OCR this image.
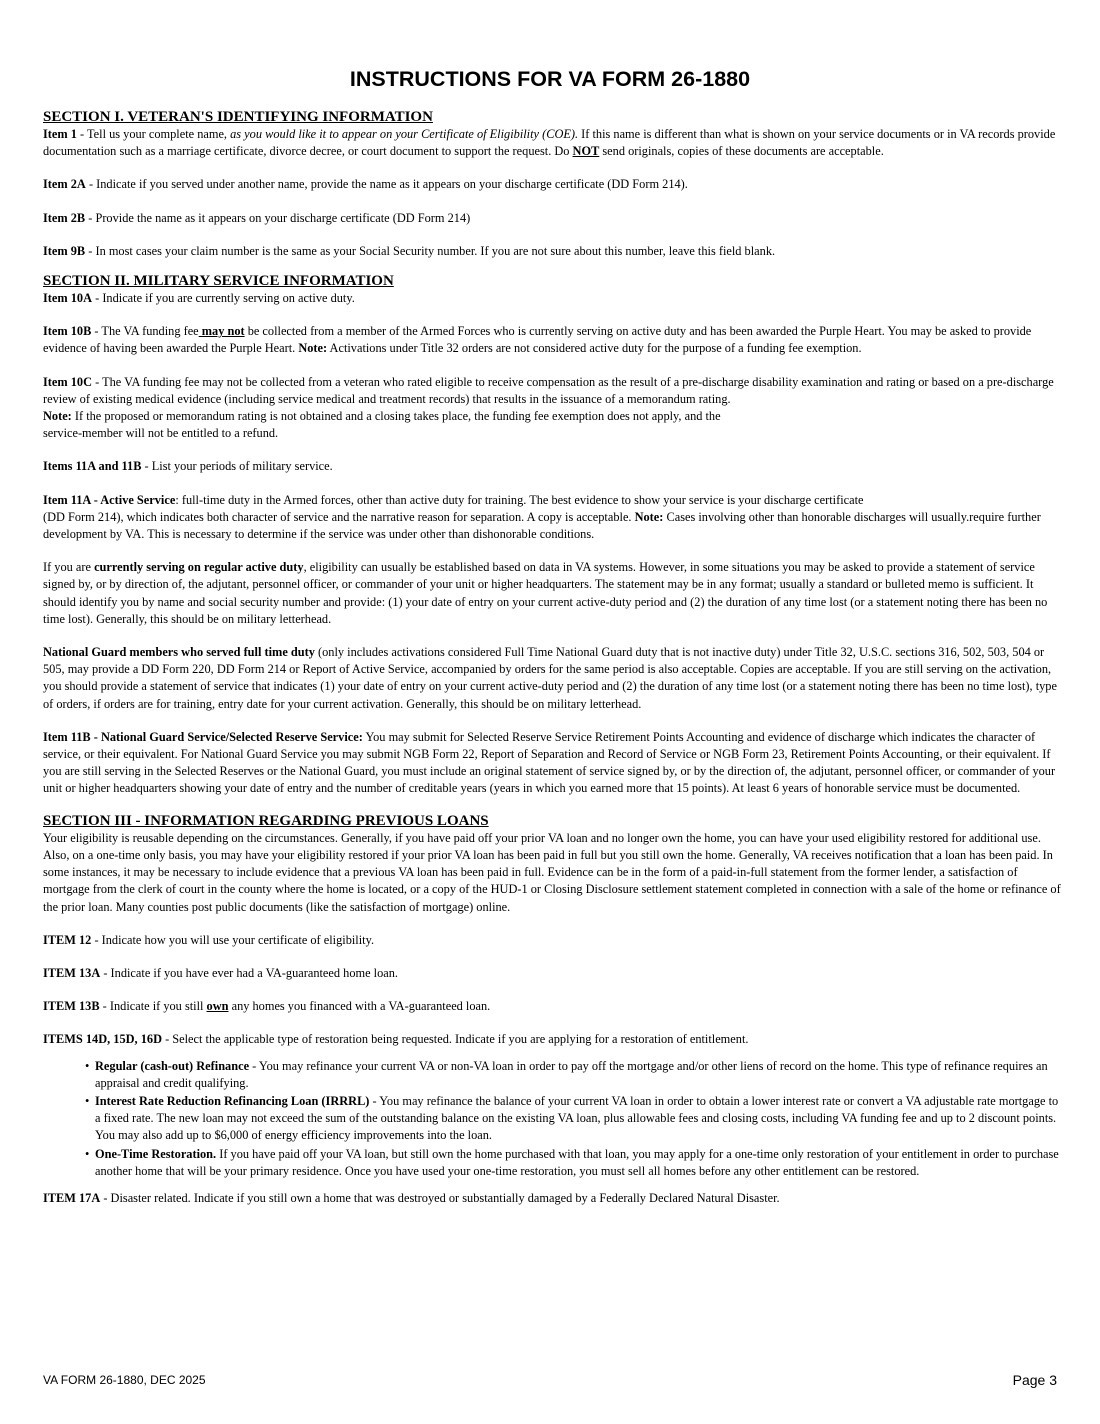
INSTRUCTIONS FOR VA FORM 26-1880
SECTION I. VETERAN'S IDENTIFYING INFORMATION

Item 1 - Tell us your complete name, as you would like it to appear on your Certificate of Eligibility (COE). If this name is different than what is shown on your service documents or in VA records provide documentation such as a marriage certificate, divorce decree, or court document to support the request. Do NOT send originals, copies of these documents are acceptable.

Item 2A - Indicate if you served under another name, provide the name as it appears on your discharge certificate (DD Form 214).

Item 2B - Provide the name as it appears on your discharge certificate (DD Form 214)

Item 9B - In most cases your claim number is the same as your Social Security number. If you are not sure about this number, leave this field blank.

SECTION II. MILITARY SERVICE INFORMATION

Item 10A - Indicate if you are currently serving on active duty.

Item 10B - The VA funding fee may not be collected from a member of the Armed Forces who is currently serving on active duty and has been awarded the Purple Heart. You may be asked to provide evidence of having been awarded the Purple Heart. Note: Activations under Title 32 orders are not considered active duty for the purpose of a funding fee exemption.

Item 10C - The VA funding fee may not be collected from a veteran who rated eligible to receive compensation as the result of a pre-discharge disability examination and rating or based on a pre-discharge review of existing medical evidence (including service medical and treatment records) that results in the issuance of a memorandum rating.
Note: If the proposed or memorandum rating is not obtained and a closing takes place, the funding fee exemption does not apply, and the
service-member will not be entitled to a refund.

Items 11A and 11B - List your periods of military service.

Item 11A - Active Service: full-time duty in the Armed forces, other than active duty for training. The best evidence to show your service is your discharge certificate
(DD Form 214), which indicates both character of service and the narrative reason for separation. A copy is acceptable. Note: Cases involving other than honorable discharges will usually.require further development by VA. This is necessary to determine if the service was under other than dishonorable conditions.

If you are currently serving on regular active duty, eligibility can usually be established based on data in VA systems. However, in some situations you may be asked to provide a statement of service signed by, or by direction of, the adjutant, personnel officer, or commander of your unit or higher headquarters. The statement may be in any format; usually a standard or bulleted memo is sufficient. It should identify you by name and social security number and provide: (1) your date of entry on your current active-duty period and (2) the duration of any time lost (or a statement noting there has been no time lost). Generally, this should be on military letterhead.

National Guard members who served full time duty (only includes activations considered Full Time National Guard duty that is not inactive duty) under Title 32, U.S.C. sections 316, 502, 503, 504 or 505, may provide a DD Form 220, DD Form 214 or Report of Active Service, accompanied by orders for the same period is also acceptable. Copies are acceptable. If you are still serving on the activation, you should provide a statement of service that indicates (1) your date of entry on your current active-duty period and (2) the duration of any time lost (or a statement noting there has been no time lost), type of orders, if orders are for training, entry date for your current activation. Generally, this should be on military letterhead.

Item 11B - National Guard Service/Selected Reserve Service: You may submit for Selected Reserve Service Retirement Points Accounting and evidence of discharge which indicates the character of service, or their equivalent. For National Guard Service you may submit NGB Form 22, Report of Separation and Record of Service or NGB Form 23, Retirement Points Accounting, or their equivalent. If you are still serving in the Selected Reserves or the National Guard, you must include an original statement of service signed by, or by the direction of, the adjutant, personnel officer, or commander of your unit or higher headquarters showing your date of entry and the number of creditable years (years in which you earned more that 15 points). At least 6 years of honorable service must be documented.

SECTION III - INFORMATION REGARDING PREVIOUS LOANS

Your eligibility is reusable depending on the circumstances. Generally, if you have paid off your prior VA loan and no longer own the home, you can have your used eligibility restored for additional use. Also, on a one-time only basis, you may have your eligibility restored if your prior VA loan has been paid in full but you still own the home. Generally, VA receives notification that a loan has been paid. In some instances, it may be necessary to include evidence that a previous VA loan has been paid in full. Evidence can be in the form of a paid-in-full statement from the former lender, a satisfaction of mortgage from the clerk of court in the county where the home is located, or a copy of the HUD-1 or Closing Disclosure settlement statement completed in connection with a sale of the home or refinance of the prior loan. Many counties post public documents (like the satisfaction of mortgage) online.

ITEM 12 - Indicate how you will use your certificate of eligibility.

ITEM 13A - Indicate if you have ever had a VA-guaranteed home loan.

ITEM 13B - Indicate if you still own any homes you financed with a VA-guaranteed loan.

ITEMS 14D, 15D, 16D - Select the applicable type of restoration being requested. Indicate if you are applying for a restoration of entitlement.

• Regular (cash-out) Refinance - You may refinance your current VA or non-VA loan in order to pay off the mortgage and/or other liens of record on the home. This type of refinance requires an appraisal and credit qualifying.
• Interest Rate Reduction Refinancing Loan (IRRRL) - You may refinance the balance of your current VA loan in order to obtain a lower interest rate or convert a VA adjustable rate mortgage to a fixed rate. The new loan may not exceed the sum of the outstanding balance on the existing VA loan, plus allowable fees and closing costs, including VA funding fee and up to 2 discount points. You may also add up to $6,000 of energy efficiency improvements into the loan.
• One-Time Restoration. If you have paid off your VA loan, but still own the home purchased with that loan, you may apply for a one-time only restoration of your entitlement in order to purchase another home that will be your primary residence. Once you have used your one-time restoration, you must sell all homes before any other entitlement can be restored.

ITEM 17A - Disaster related. Indicate if you still own a home that was destroyed or substantially damaged by a Federally Declared Natural Disaster.

VA FORM 26-1880, DEC 2025	Page 3
